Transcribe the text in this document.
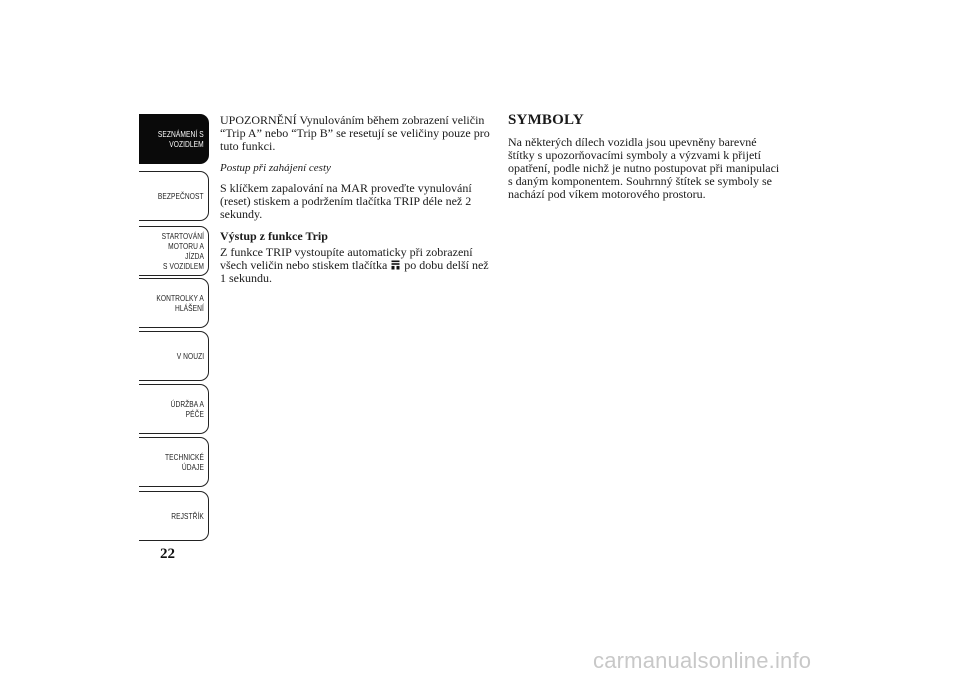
SEZNÁMENÍ S
VOZIDLEM
BEZPEČNOST
STARTOVÁNÍ
MOTORU A JÍZDA
S VOZIDLEM
KONTROLKY A
HLÁŠENÍ
V NOUZI
ÚDRŽBA A PÉČE
TECHNICKÉ
ÚDAJE
REJSTŘÍK
22

UPOZORNĚNÍ Vynulováním během zobrazení veličin “Trip A” nebo “Trip B” se resetují se veličiny pouze pro tuto funkci.

Postup při zahájení cesty

S klíčkem zapalování na MAR proveďte vynulování (reset) stiskem a podržením tlačítka TRIP déle než 2 sekundy.

Výstup z funkce Trip

Z funkce TRIP vystoupíte automaticky při zobrazení všech veličin nebo stiskem tlačítka po dobu delší než 1 sekundu.

SYMBOLY

Na některých dílech vozidla jsou upevněny barevné štítky s upozorňovacími symboly a výzvami k přijetí opatření, podle nichž je nutno postupovat při manipulaci s daným komponentem. Souhrnný štítek se symboly se nachází pod víkem motorového prostoru.

carmanualsonline.info
